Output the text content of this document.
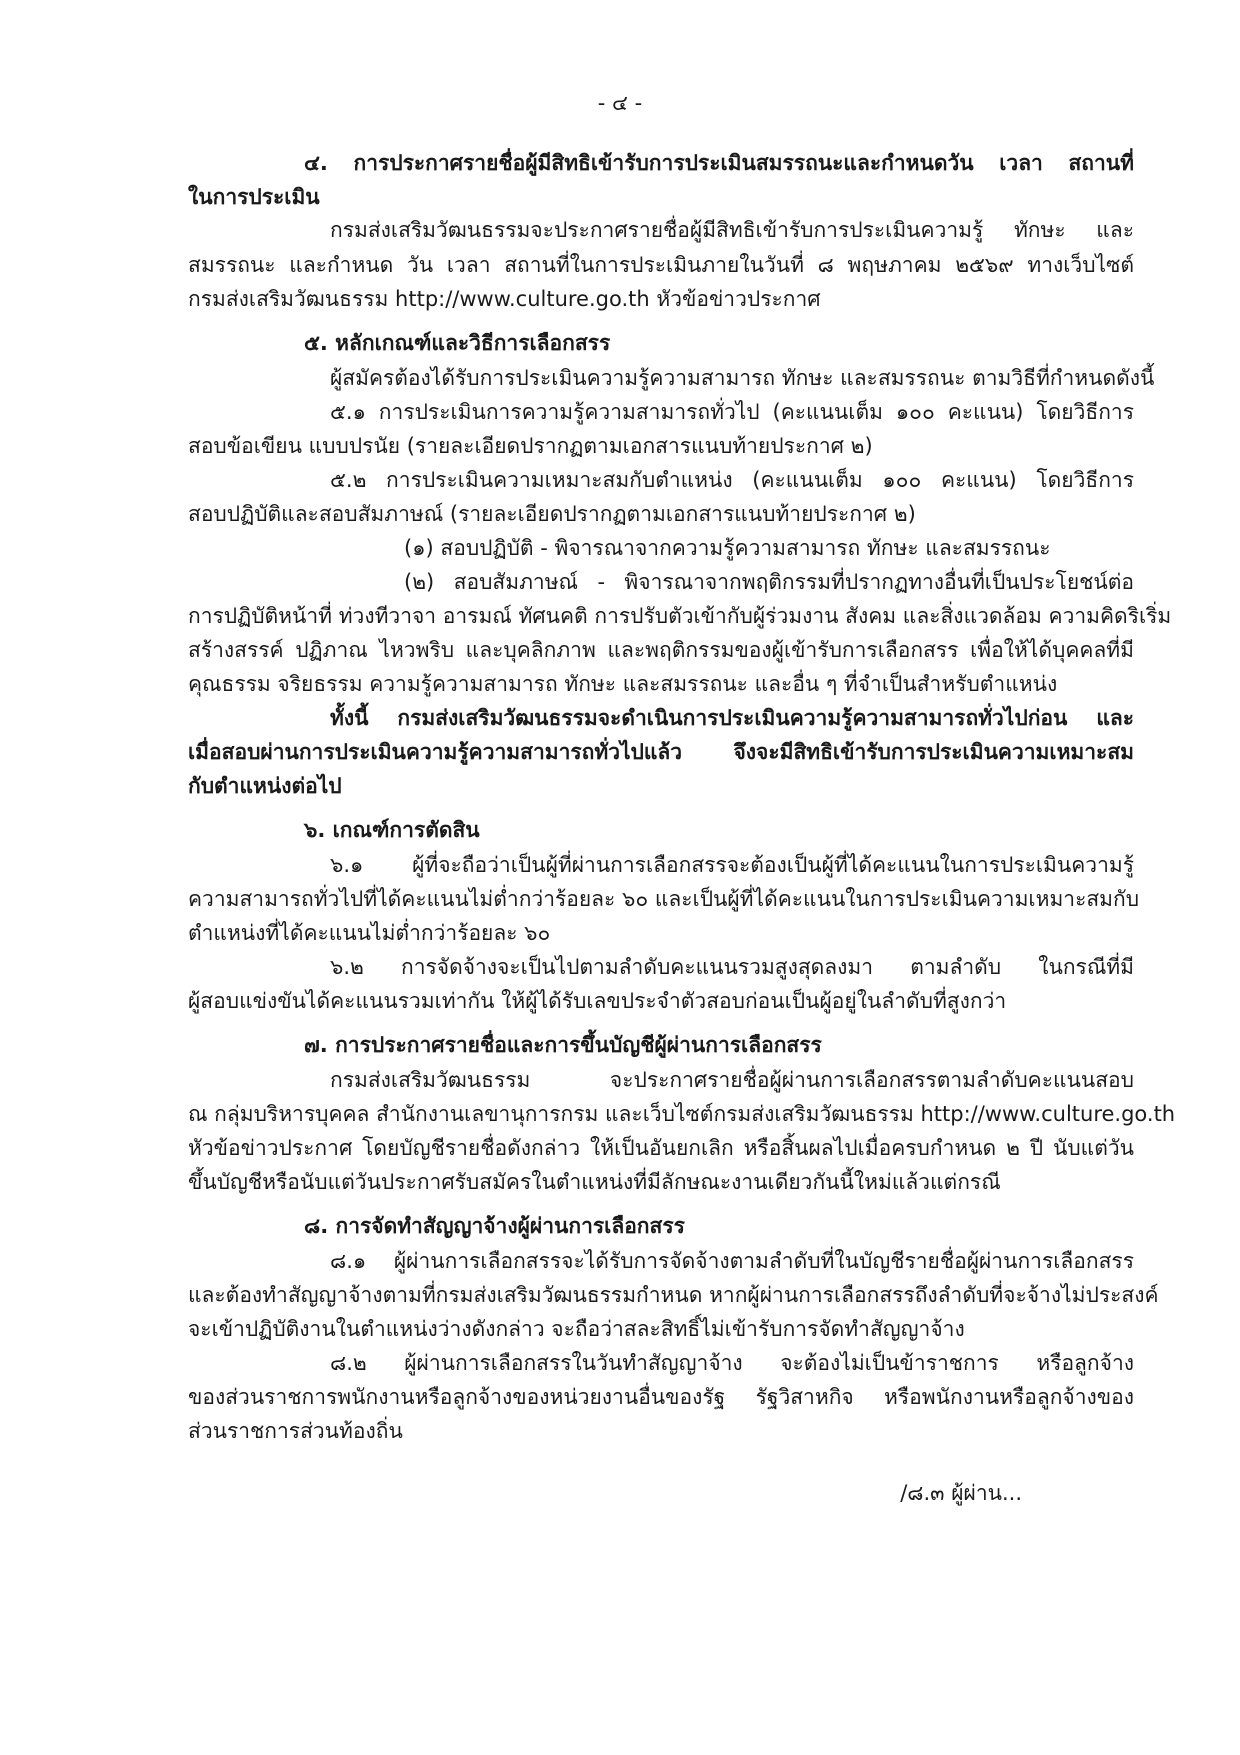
- ๔ -

๔. การประกาศรายชื่อผู้มีสิทธิเข้ารับการประเมินสมรรถนะและกำหนดวัน เวลา สถานที่

ในการประเมิน

กรมส่งเสริมวัฒนธรรมจะประกาศรายชื่อผู้มีสิทธิเข้ารับการประเมินความรู้ ทักษะ และ

สมรรถนะ และกำหนด วัน เวลา สถานที่ในการประเมินภายในวันที่ ๘ พฤษภาคม ๒๕๖๙ ทางเว็บไซต์

กรมส่งเสริมวัฒนธรรม http://www.culture.go.th หัวข้อข่าวประกาศ

๕. หลักเกณฑ์และวิธีการเลือกสรร

ผู้สมัครต้องได้รับการประเมินความรู้ความสามารถ ทักษะ และสมรรถนะ ตามวิธีที่กำหนดดังนี้

๕.๑ การประเมินการความรู้ความสามารถทั่วไป (คะแนนเต็ม ๑๐๐ คะแนน) โดยวิธีการ

สอบข้อเขียน แบบปรนัย (รายละเอียดปรากฏตามเอกสารแนบท้ายประกาศ ๒)

๕.๒ การประเมินความเหมาะสมกับตำแหน่ง (คะแนนเต็ม ๑๐๐ คะแนน) โดยวิธีการ

สอบปฏิบัติและสอบสัมภาษณ์ (รายละเอียดปรากฏตามเอกสารแนบท้ายประกาศ ๒)

(๑) สอบปฏิบัติ - พิจารณาจากความรู้ความสามารถ ทักษะ และสมรรถนะ

(๒) สอบสัมภาษณ์ - พิจารณาจากพฤติกรรมที่ปรากฏทางอื่นที่เป็นประโยชน์ต่อ

การปฏิบัติหน้าที่ ท่วงทีวาจา อารมณ์ ทัศนคติ การปรับตัวเข้ากับผู้ร่วมงาน สังคม และสิ่งแวดล้อม ความคิดริเริ่ม

สร้างสรรค์ ปฏิภาณ ไหวพริบ และบุคลิกภาพ และพฤติกรรมของผู้เข้ารับการเลือกสรร เพื่อให้ได้บุคคลที่มี

คุณธรรม จริยธรรม ความรู้ความสามารถ ทักษะ และสมรรถนะ และอื่น ๆ ที่จำเป็นสำหรับตำแหน่ง

ทั้งนี้ กรมส่งเสริมวัฒนธรรมจะดำเนินการประเมินความรู้ความสามารถทั่วไปก่อน และ

เมื่อสอบผ่านการประเมินความรู้ความสามารถทั่วไปแล้ว จึงจะมีสิทธิเข้ารับการประเมินความเหมาะสม

กับตำแหน่งต่อไป

๖. เกณฑ์การตัดสิน

๖.๑ ผู้ที่จะถือว่าเป็นผู้ที่ผ่านการเลือกสรรจะต้องเป็นผู้ที่ได้คะแนนในการประเมินความรู้

ความสามารถทั่วไปที่ได้คะแนนไม่ต่ำกว่าร้อยละ ๖๐ และเป็นผู้ที่ได้คะแนนในการประเมินความเหมาะสมกับ

ตำแหน่งที่ได้คะแนนไม่ต่ำกว่าร้อยละ ๖๐

๖.๒ การจัดจ้างจะเป็นไปตามลำดับคะแนนรวมสูงสุดลงมา ตามลำดับ ในกรณีที่มี

ผู้สอบแข่งขันได้คะแนนรวมเท่ากัน ให้ผู้ได้รับเลขประจำตัวสอบก่อนเป็นผู้อยู่ในลำดับที่สูงกว่า

๗. การประกาศรายชื่อและการขึ้นบัญชีผู้ผ่านการเลือกสรร

กรมส่งเสริมวัฒนธรรม จะประกาศรายชื่อผู้ผ่านการเลือกสรรตามลำดับคะแนนสอบ

ณ กลุ่มบริหารบุคคล สำนักงานเลขานุการกรม และเว็บไซต์กรมส่งเสริมวัฒนธรรม http://www.culture.go.th

หัวข้อข่าวประกาศ โดยบัญชีรายชื่อดังกล่าว ให้เป็นอันยกเลิก หรือสิ้นผลไปเมื่อครบกำหนด ๒ ปี นับแต่วัน

ขึ้นบัญชีหรือนับแต่วันประกาศรับสมัครในตำแหน่งที่มีลักษณะงานเดียวกันนี้ใหม่แล้วแต่กรณี

๘. การจัดทำสัญญาจ้างผู้ผ่านการเลือกสรร

๘.๑ ผู้ผ่านการเลือกสรรจะได้รับการจัดจ้างตามลำดับที่ในบัญชีรายชื่อผู้ผ่านการเลือกสรร

และต้องทำสัญญาจ้างตามที่กรมส่งเสริมวัฒนธรรมกำหนด หากผู้ผ่านการเลือกสรรถึงลำดับที่จะจ้างไม่ประสงค์

จะเข้าปฏิบัติงานในตำแหน่งว่างดังกล่าว จะถือว่าสละสิทธิ์ไม่เข้ารับการจัดทำสัญญาจ้าง

๘.๒ ผู้ผ่านการเลือกสรรในวันทำสัญญาจ้าง จะต้องไม่เป็นข้าราชการ หรือลูกจ้าง

ของส่วนราชการพนักงานหรือลูกจ้างของหน่วยงานอื่นของรัฐ รัฐวิสาหกิจ หรือพนักงานหรือลูกจ้างของ

ส่วนราชการส่วนท้องถิ่น

/๘.๓ ผู้ผ่าน...
